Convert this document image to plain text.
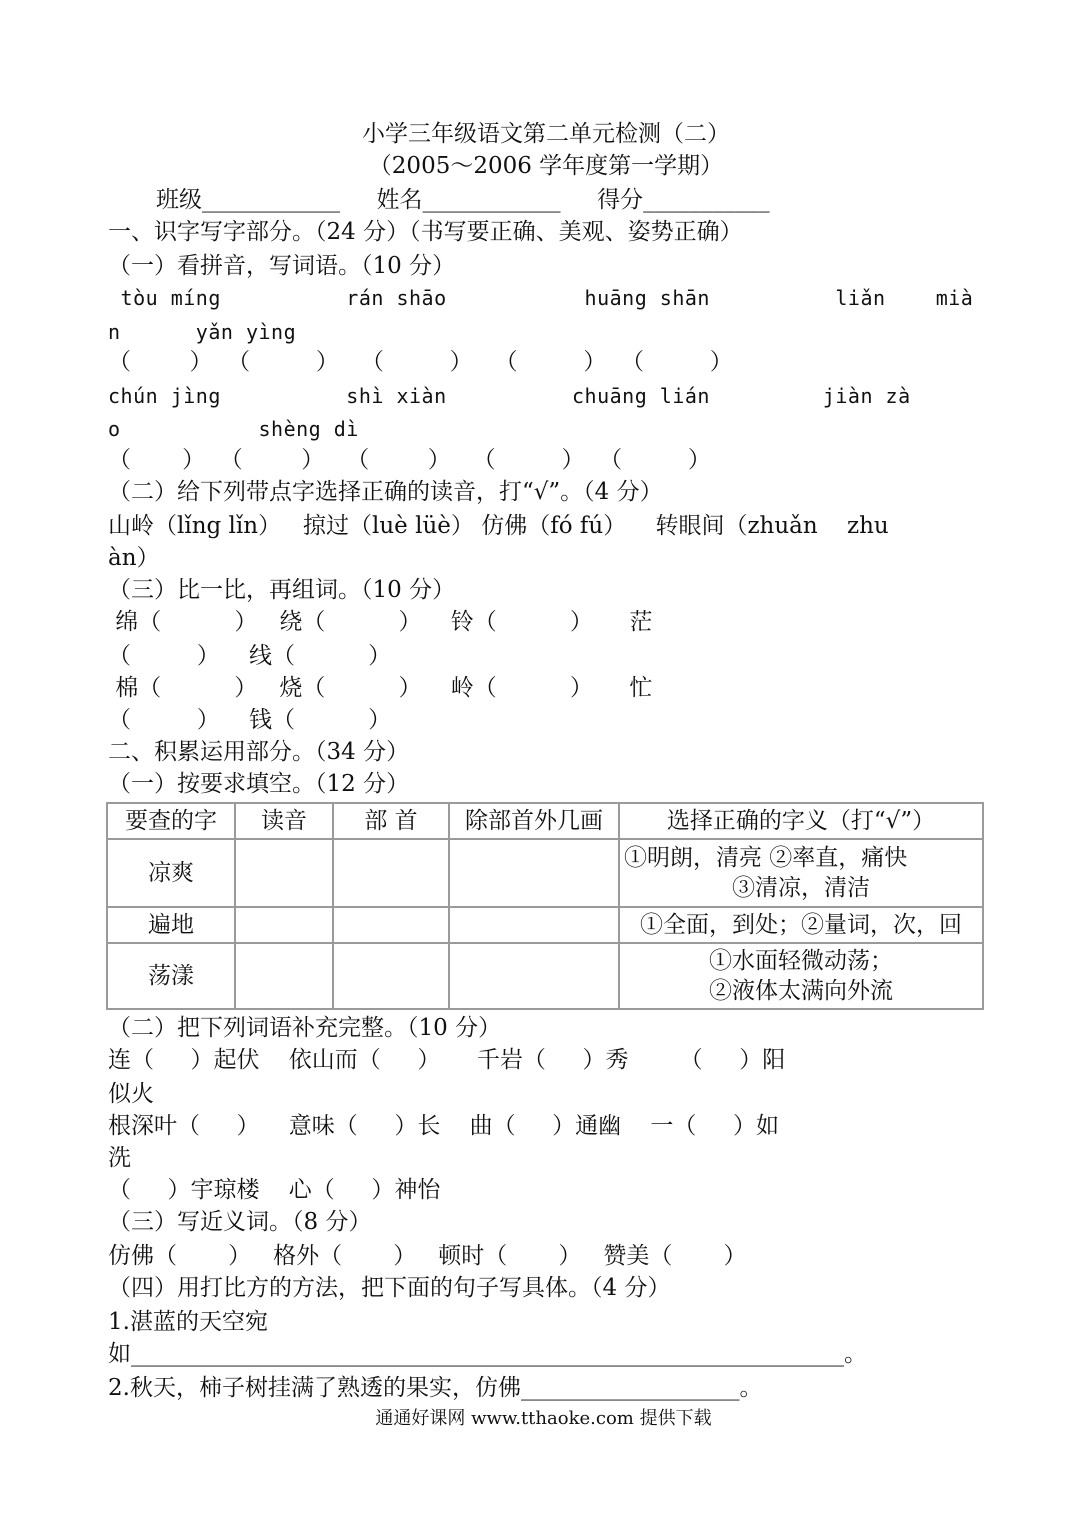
小学三年级语文第二单元检测（二）
（2005～2006 学年度第一学期）
班级____________     姓名____________     得分___________
一、识字写字部分。（24 分）（书写要正确、美观、姿势正确）
（一）看拼音，写词语。（10 分）
tòu míng          rán shāo           huāng shān          liǎn    mià
n      yǎn yìng
（        ）  （         ）   （         ）   （         ）  （         ）
chún jìng          shì xiàn          chuāng lián         jiàn zà
o           shèng dì
（       ）  （        ）   （        ）   （         ）  （         ）
（二）给下列带点字选择正确的读音，打“√”。（4 分）
山岭（lǐng lǐn）   掠过（luè lüè） 仿佛（fó fú）    转眼间（zhuǎn    zhu
àn）
（三）比一比，再组词。（10 分）
绵（          ）   绕（          ）    铃（          ）     茫
（         ）    线（          ）
棉（          ）   烧（          ）    岭（          ）     忙
（         ）    钱（          ）
二、积累运用部分。（34 分）
（一）按要求填空。（12 分）
要查的字	读音	部 首	除部首外几画	选择正确的字义（打“√”）
凉爽				①明朗，清亮 ②率直，痛快
③清凉，清洁

遍地				①全面，到处；②量词，次，回

荡漾				①水面轻微动荡；
②液体太满向外流
（二）把下列词语补充完整。（10 分）
连（     ）起伏    依山而（     ）     千岩（     ）秀       （     ）阳
似火
根深叶（     ）    意味（     ）长    曲（     ）通幽    一（     ）如
洗
（     ）宇琼楼    心（     ）神怡
（三）写近义词。（8 分）
仿佛（       ）   格外（       ）   顿时（       ）   赞美（       ）
（四）用打比方的方法，把下面的句子写具体。（4 分）
1.湛蓝的天空宛
如______________________________________________________________。
2.秋天，柿子树挂满了熟透的果实，仿佛___________________。
通通好课网 www.tthaoke.com 提供下载
